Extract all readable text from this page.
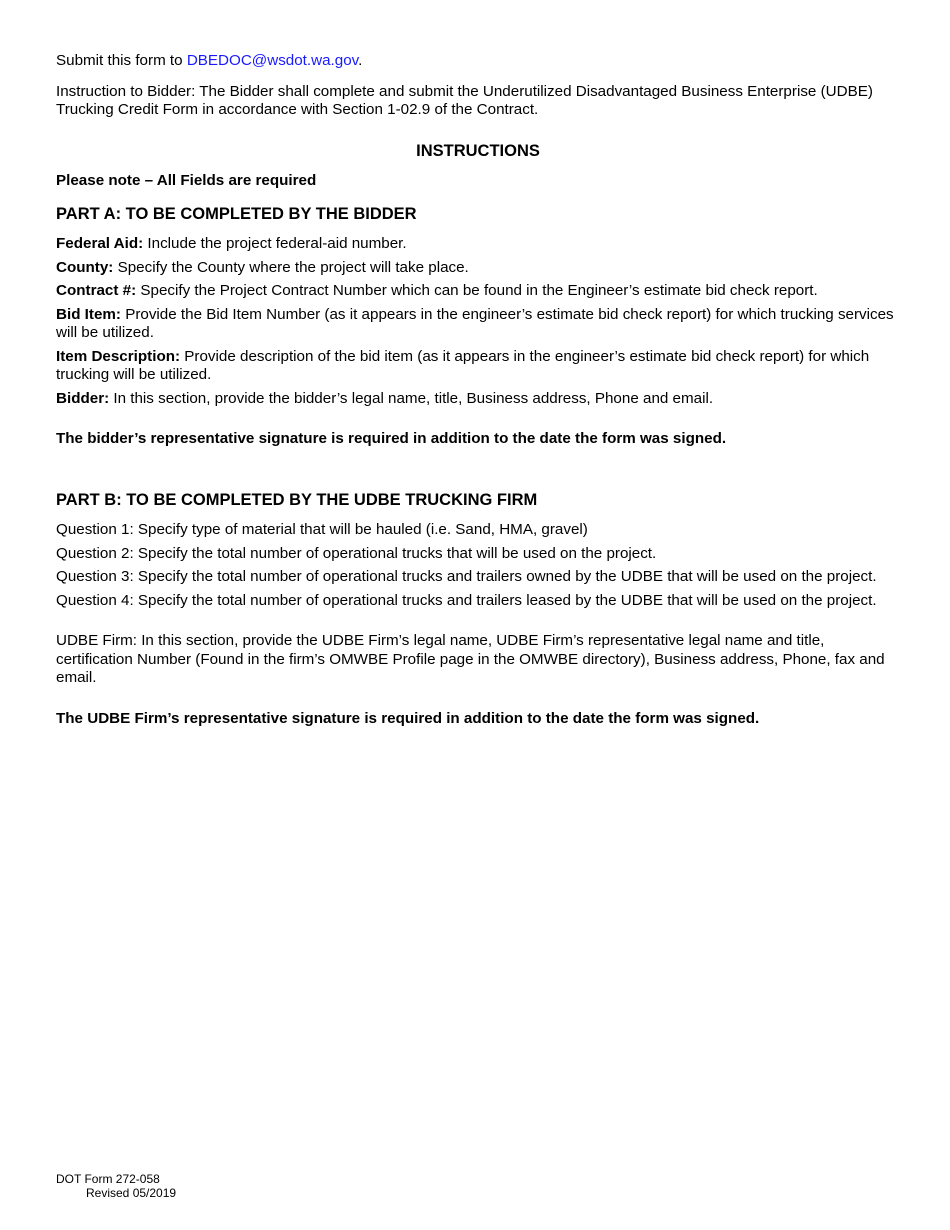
Submit this form to DBEDOC@wsdot.wa.gov.

Instruction to Bidder: The Bidder shall complete and submit the Underutilized Disadvantaged Business Enterprise (UDBE) Trucking Credit Form in accordance with Section 1-02.9 of the Contract.

INSTRUCTIONS

Please note – All Fields are required

PART A: TO BE COMPLETED BY THE BIDDER

Federal Aid: Include the project federal-aid number.

County: Specify the County where the project will take place.

Contract #: Specify the Project Contract Number which can be found in the Engineer’s estimate bid check report.

Bid Item: Provide the Bid Item Number (as it appears in the engineer’s estimate bid check report) for which trucking services will be utilized.

Item Description: Provide description of the bid item (as it appears in the engineer’s estimate bid check report) for which trucking will be utilized.

Bidder: In this section, provide the bidder’s legal name, title, Business address, Phone and email.

The bidder’s representative signature is required in addition to the date the form was signed.

PART B: TO BE COMPLETED BY THE UDBE TRUCKING FIRM

Question 1: Specify type of material that will be hauled (i.e. Sand, HMA, gravel)

Question 2: Specify the total number of operational trucks that will be used on the project.

Question 3: Specify the total number of operational trucks and trailers owned by the UDBE that will be used on the project.

Question 4: Specify the total number of operational trucks and trailers leased by the UDBE that will be used on the project.

UDBE Firm: In this section, provide the UDBE Firm’s legal name, UDBE Firm’s representative legal name and title, certification Number (Found in the firm’s OMWBE Profile page in the OMWBE directory), Business address, Phone, fax and email.

The UDBE Firm’s representative signature is required in addition to the date the form was signed.

DOT Form 272-058
Revised 05/2019
